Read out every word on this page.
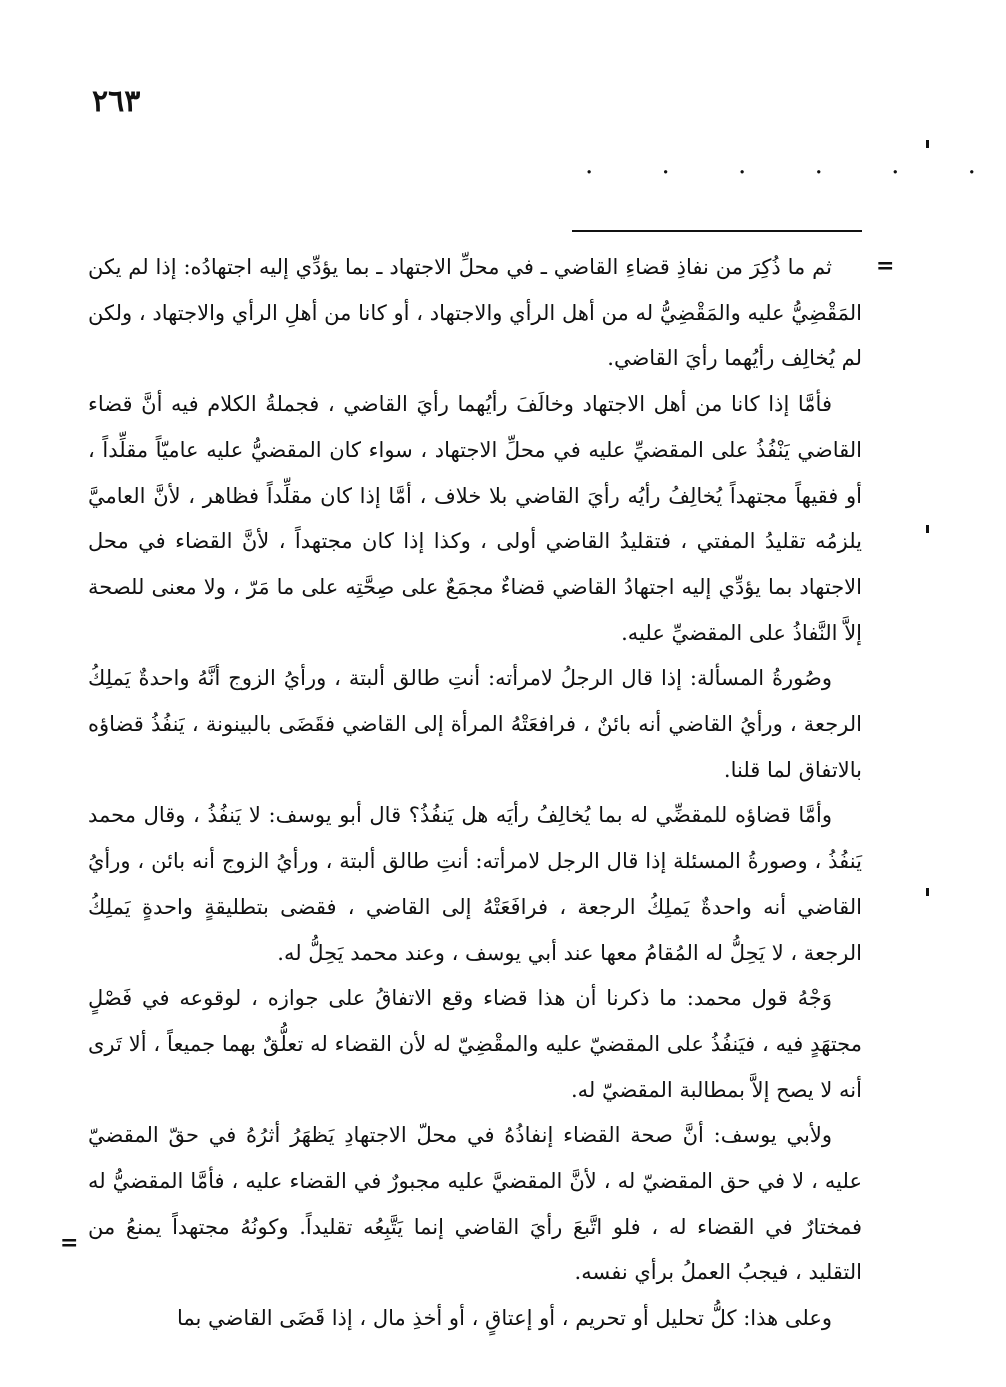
٢٦٣
. . . . . .
=

ثم ما ذُكِرَ من نفاذِ قضاءِ القاضي ـ في محلِّ الاجتهاد ـ بما يؤدِّي إليه اجتهادُه: إذا لم يكن المَقْضِيُّ عليه والمَقْضِيُّ له من أهل الرأي والاجتهاد ، أو كانا من أهلِ الرأي والاجتهاد ، ولكن لم يُخالِف رأيُهما رأيَ القاضي.

فأمَّا إذا كانا من أهل الاجتهاد وخالَفَ رأيُهما رأيَ القاضي ، فجملةُ الكلام فيه أنَّ قضاء القاضي يَنْفُذُ على المقضيِّ عليه في محلِّ الاجتهاد ، سواء كان المقضيُّ عليه عاميّاً مقلِّداً ، أو فقيهاً مجتهداً يُخالِفُ رأيُه رأيَ القاضي بلا خلاف ، أمَّا إذا كان مقلِّداً فظاهر ، لأنَّ العاميَّ يلزمُه تقليدُ المفتي ، فتقليدُ القاضي أولى ، وكذا إذا كان مجتهداً ، لأنَّ القضاء في محل الاجتهاد بما يؤدِّي إليه اجتهادُ القاضي قضاءٌ مجمَعٌ على صِحَّتِه على ما مَرّ ، ولا معنى للصحة إلاَّ النَّفاذُ على المقضيِّ عليه.

وصُورةُ المسألة: إذا قال الرجلُ لامرأته: أنتِ طالق ألبتة ، ورأيُ الزوج أنَّهُ واحدةٌ يَملِكُ الرجعة ، ورأيُ القاضي أنه بائنٌ ، فرافعَتْهُ المرأة إلى القاضي فقَضَى بالبينونة ، يَنفُذُ قضاؤه بالاتفاق لما قلنا.

وأمَّا قضاؤه للمقضِّي له بما يُخالِفُ رأيَه هل يَنفُذُ؟ قال أبو يوسف: لا يَنفُذُ ، وقال محمد يَنفُذُ ، وصورةُ المسئلة إذا قال الرجل لامرأته: أنتِ طالق ألبتة ، ورأيُ الزوج أنه بائن ، ورأيُ القاضي أنه واحدةٌ يَملِكُ الرجعة ، فرافَعَتْهُ إلى القاضي ، فقضى بتطليقةٍ واحدةٍ يَملِكُ الرجعة ، لا يَحِلُّ له المُقامُ معها عند أبي يوسف ، وعند محمد يَحِلُّ له.

وَجْهُ قول محمد: ما ذكرنا أن هذا قضاء وقع الاتفاقُ على جوازه ، لوقوعه في فَصْلٍ مجتهَدٍ فيه ، فيَنفُذُ على المقضيّ عليه والمقْضِيّ له لأن القضاء له تعلُّقٌ بهما جميعاً ، ألا تَرى أنه لا يصح إلاَّ بمطالبة المقضيّ له.

ولأبي يوسف: أنَّ صحة القضاء إنفاذُهُ في محلّ الاجتهادِ يَظهَرُ أثرُهُ في حقّ المقضيّ عليه ، لا في حق المقضيّ له ، لأنَّ المقضيَّ عليه مجبورٌ في القضاء عليه ، فأمَّا المقضيُّ له فمختارٌ في القضاء له ، فلو اتَّبعَ رأيَ القاضي إنما يَتَّبِعُه تقليداً. وكونُهُ مجتهداً يمنعُ من التقليد ، فيجبُ العملُ برأي نفسه.

وعلى هذا: كلُّ تحليل أو تحريم ، أو إعتاقٍ ، أو أخذِ مال ، إذا قَضَى القاضي بما

=
